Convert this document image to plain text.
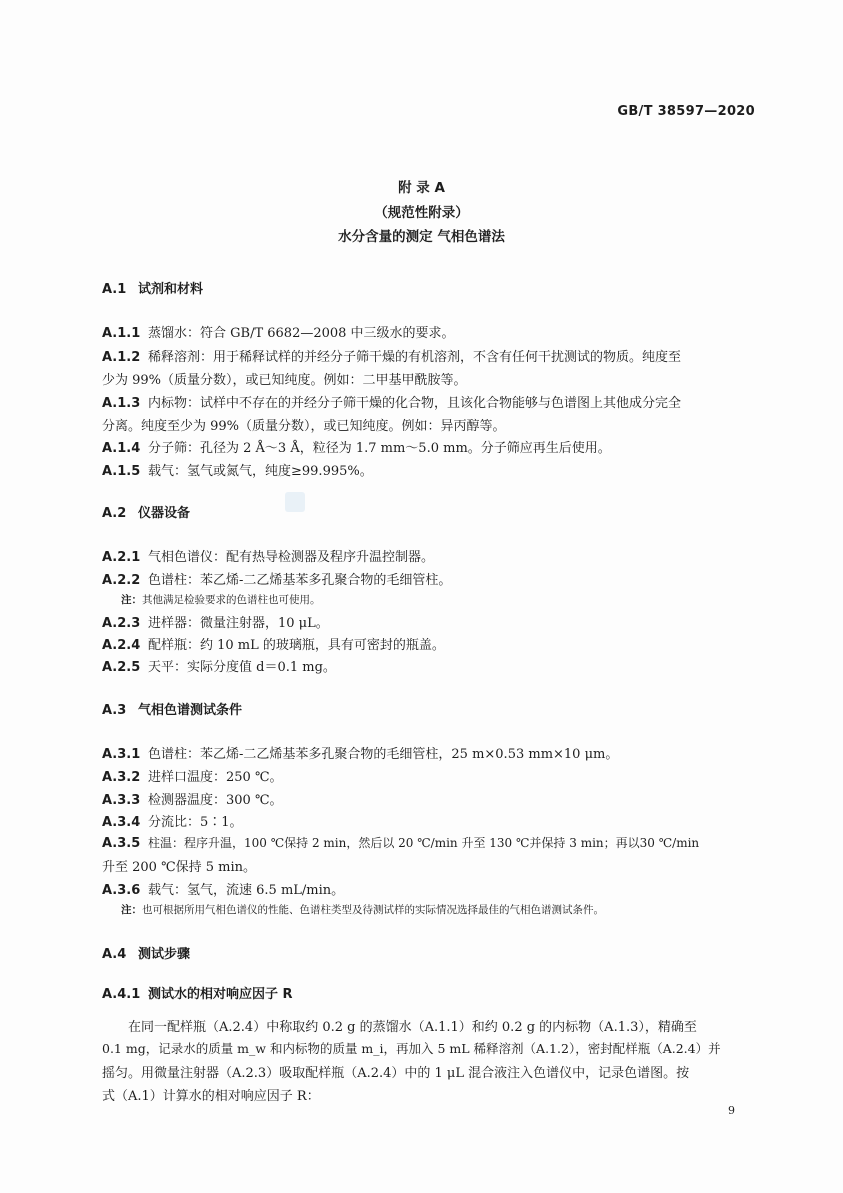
GB/T 38597—2020
附 录 A
（规范性附录）
水分含量的测定 气相色谱法
A.1 试剂和材料
A.1.1 蒸馏水：符合 GB/T 6682—2008 中三级水的要求。
A.1.2 稀释溶剂：用于稀释试样的并经分子筛干燥的有机溶剂，不含有任何干扰测试的物质。纯度至
少为 99%（质量分数），或已知纯度。例如：二甲基甲酰胺等。
A.1.3 内标物：试样中不存在的并经分子筛干燥的化合物，且该化合物能够与色谱图上其他成分完全
分离。纯度至少为 99%（质量分数），或已知纯度。例如：异丙醇等。
A.1.4 分子筛：孔径为 2 Å～3 Å，粒径为 1.7 mm～5.0 mm。分子筛应再生后使用。
A.1.5 载气：氢气或氮气，纯度≥99.995%。
A.2 仪器设备
A.2.1 气相色谱仪：配有热导检测器及程序升温控制器。
A.2.2 色谱柱：苯乙烯-二乙烯基苯多孔聚合物的毛细管柱。
注：其他满足检验要求的色谱柱也可使用。
A.2.3 进样器：微量注射器，10 μL。
A.2.4 配样瓶：约 10 mL 的玻璃瓶，具有可密封的瓶盖。
A.2.5 天平：实际分度值 d＝0.1 mg。
A.3 气相色谱测试条件
A.3.1 色谱柱：苯乙烯-二乙烯基苯多孔聚合物的毛细管柱，25 m×0.53 mm×10 μm。
A.3.2 进样口温度：250 ℃。
A.3.3 检测器温度：300 ℃。
A.3.4 分流比：5∶1。
A.3.5 柱温：程序升温，100 ℃保持 2 min，然后以 20 ℃/min 升至 130 ℃并保持 3 min；再以30 ℃/min
升至 200 ℃保持 5 min。
A.3.6 载气：氢气，流速 6.5 mL/min。
注：也可根据所用气相色谱仪的性能、色谱柱类型及待测试样的实际情况选择最佳的气相色谱测试条件。
A.4 测试步骤
A.4.1 测试水的相对响应因子 R
在同一配样瓶（A.2.4）中称取约 0.2 g 的蒸馏水（A.1.1）和约 0.2 g 的内标物（A.1.3），精确至
0.1 mg，记录水的质量 m_w 和内标物的质量 m_i，再加入 5 mL 稀释溶剂（A.1.2），密封配样瓶（A.2.4）并
摇匀。用微量注射器（A.2.3）吸取配样瓶（A.2.4）中的 1 μL 混合液注入色谱仪中，记录色谱图。按
式（A.1）计算水的相对响应因子 R：
9
